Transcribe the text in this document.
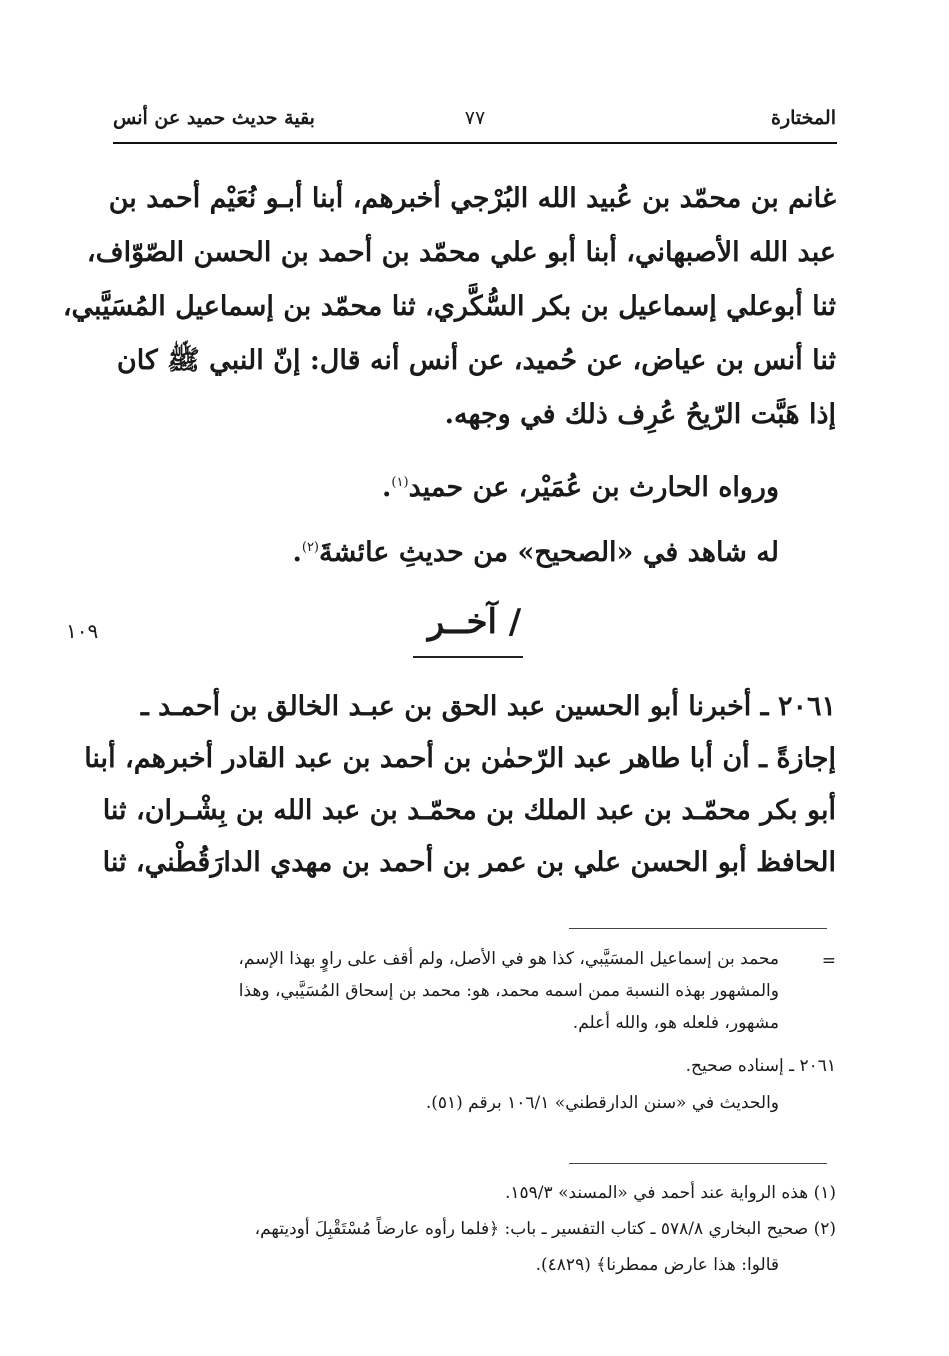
المختارة
٧٧
بقية حديث حميد عن أنس
غانم بن محمّد بن عُبيد الله البُرْجي أخبرهم، أبنا أبـو نُعَيْم أحمد بن
عبد الله الأصبهاني، أبنا أبو علي محمّد بن أحمد بن الحسن الصّوّاف،
ثنا أبوعلي إسماعيل بن بكر السُّكَّري، ثنا محمّد بن إسماعيل المُسَيَّبي،
ثنا أنس بن عياض، عن حُميد، عن أنس أنه قال: إنّ النبي ﷺ كان
إذا هَبَّت الرّيحُ عُرِف ذلك في وجهه.
ورواه الحارث بن عُمَيْر، عن حميد$^{(١)}$.
له شاهد في «الصحيح» من حديثِ عائشةَ$^{(٢)}$.
/ آخــر
١٠٩
٢٠٦١ ـ أخبرنا أبو الحسين عبد الحق بن عبـد الخالق بن أحمـد ـ
إجازةً ـ أن أبا طاهر عبد الرّحمٰن بن أحمد بن عبد القادر أخبرهم، أبنا
أبو بكر محمّـد بن عبد الملك بن محمّـد بن عبد الله بن بِشْـران، ثنا
الحافظ أبو الحسن علي بن عمر بن أحمد بن مهدي الدارَقُطْني، ثنا
=
محمد بن إسماعيل المسَيَّبي، كذا هو في الأصل، ولم أقف على راوٍ بهذا الإسم،
والمشهور بهذه النسبة ممن اسمه محمد، هو: محمد بن إسحاق المُسَيَّبي، وهذا
مشهور، فلعله هو، والله أعلم.
٢٠٦١ ـ إسناده صحيح.
والحديث في «سنن الدارقطني» ١٠٦/١ برقم (٥١).
(١) هذه الرواية عند أحمد في «المسند» ١٥٩/٣.
(٢) صحيح البخاري ٥٧٨/٨ ـ كتاب التفسير ـ باب: ﴿فلما رأوه عارضاً مُسْتَقْبِلَ أوديتهم،
قالوا: هذا عارض ممطرنا﴾ (٤٨٢٩).
